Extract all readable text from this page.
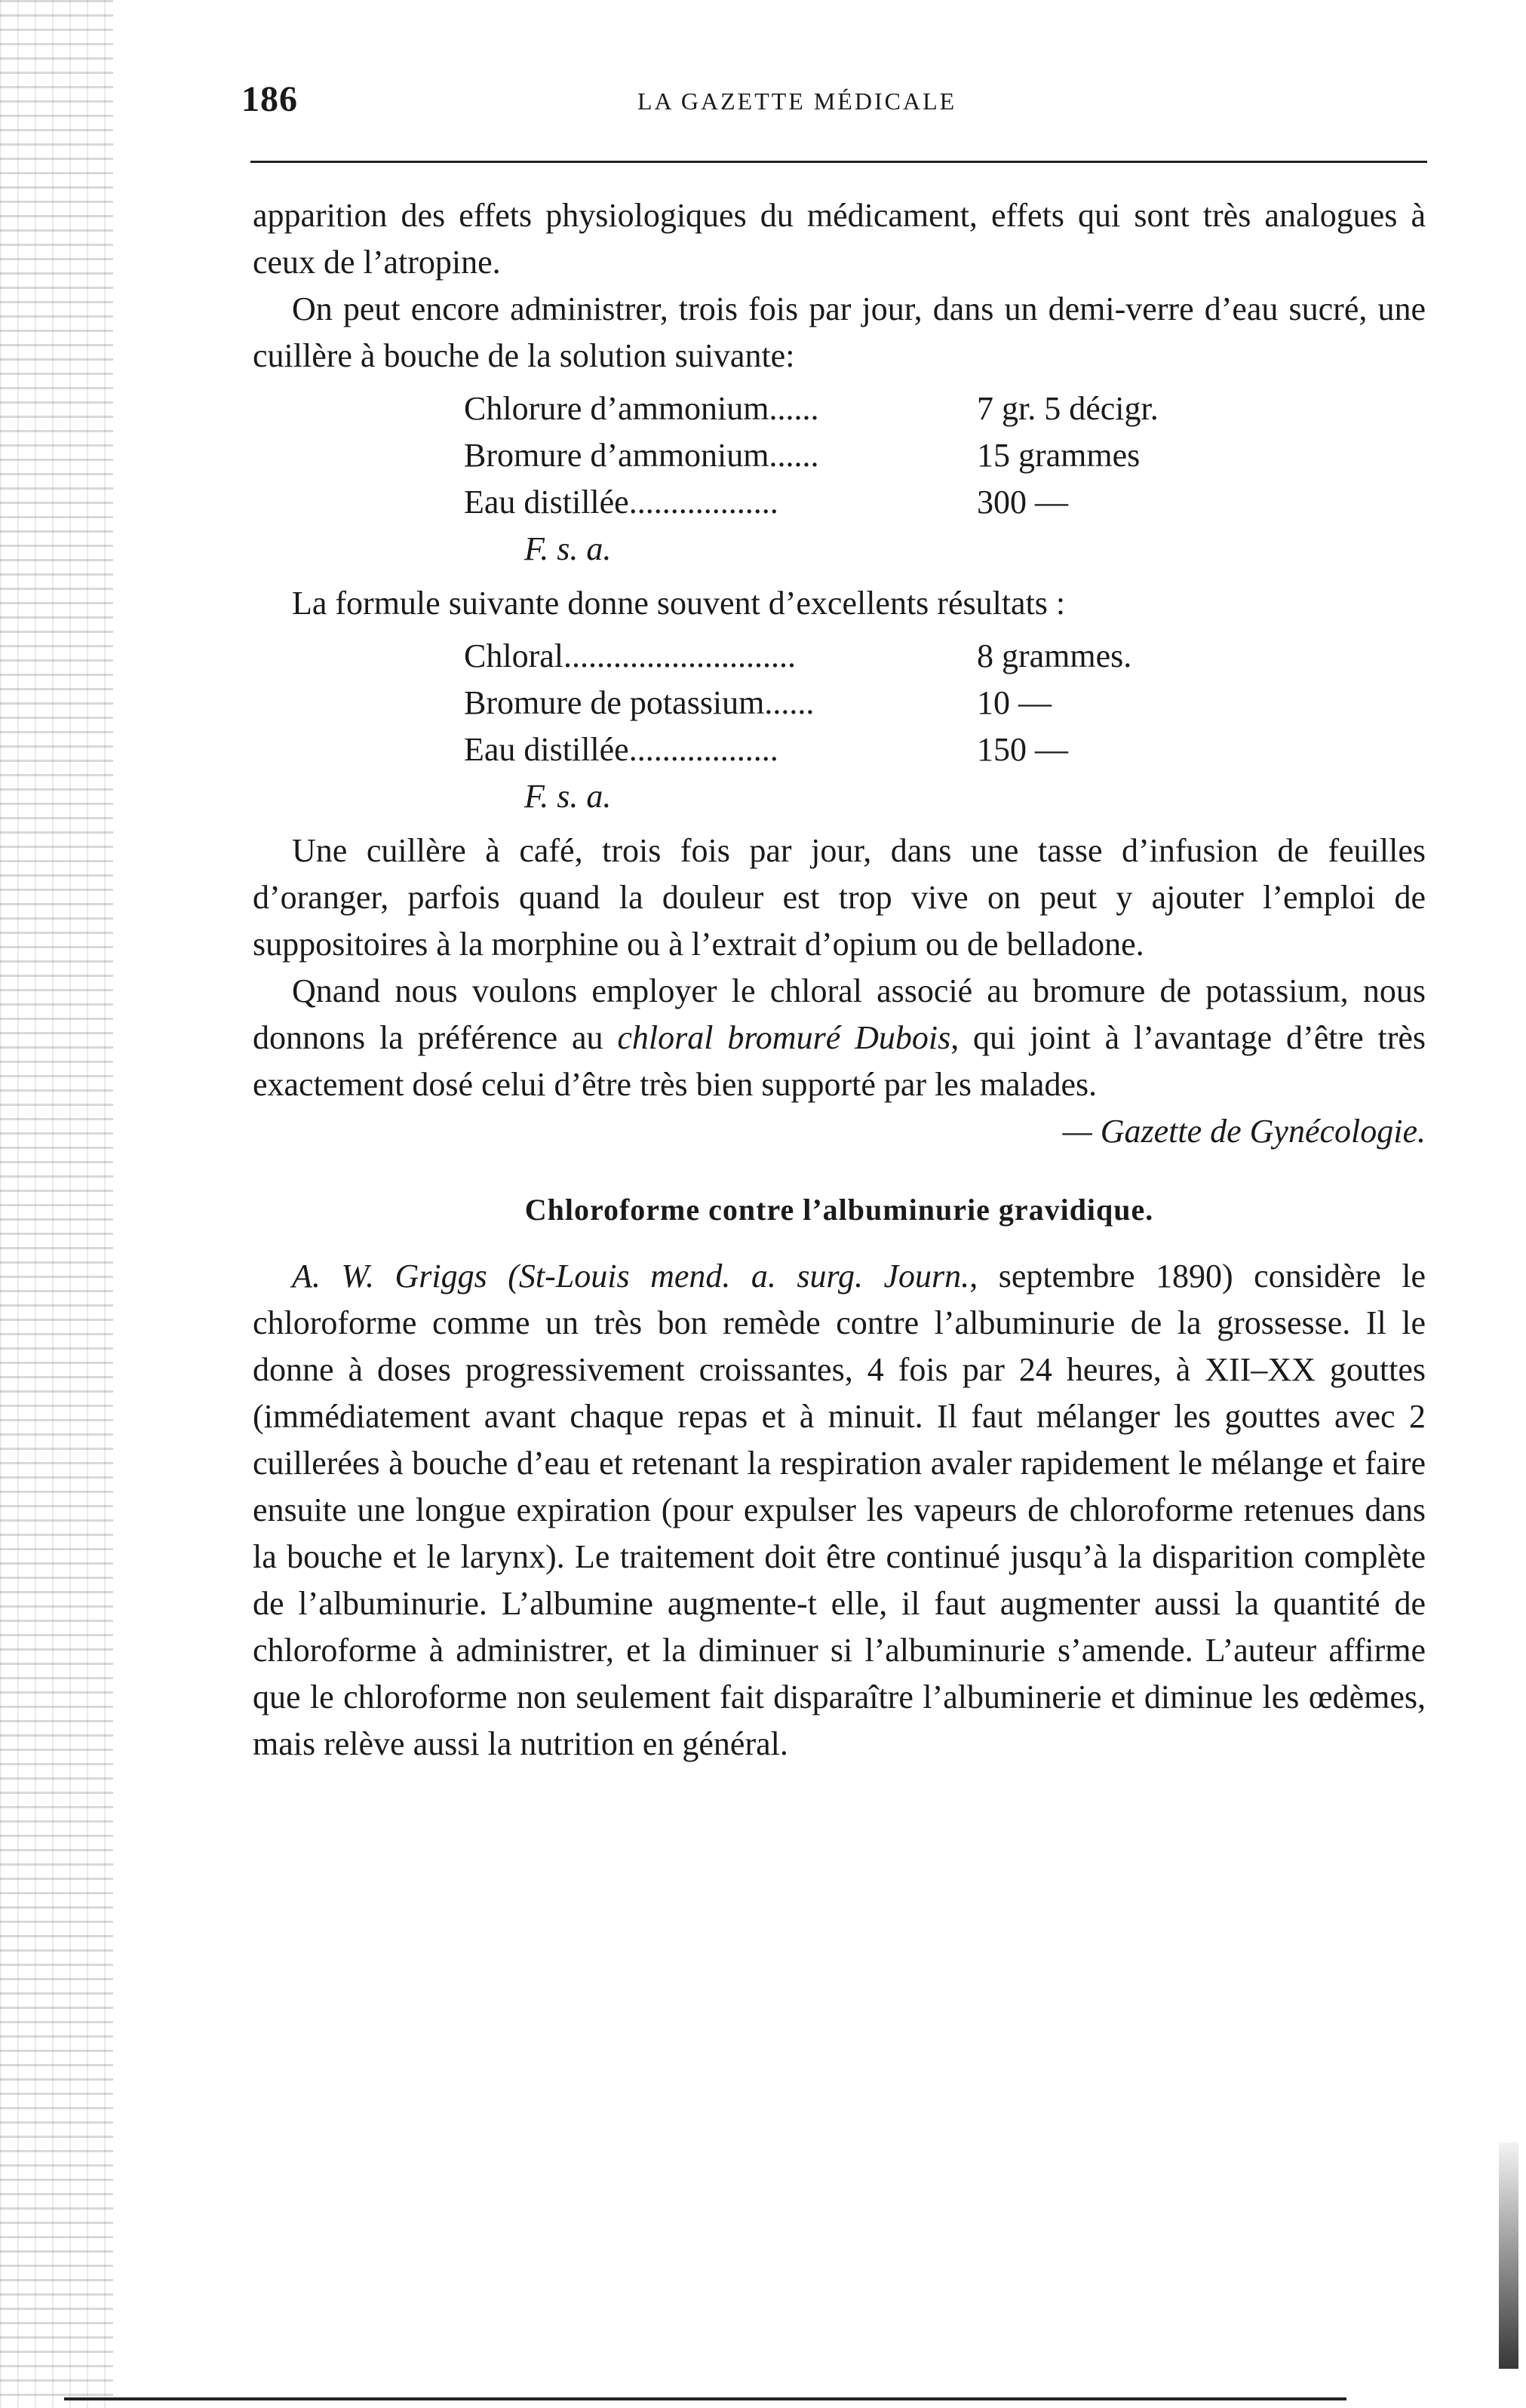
186	LA GAZETTE MÉDICALE

apparition des effets physiologiques du médicament, effets qui sont très analogues à ceux de l’atropine.

On peut encore administrer, trois fois par jour, dans un demi-verre d’eau sucré, une cuillère à bouche de la solution suivante:

Chlorure d’ammonium......	7 gr. 5 décigr.
Bromure d’ammonium......	15 grammes
Eau distillée..................	300 —
F. s. a.

La formule suivante donne souvent d’excellents résultats :

Chloral............................	8 grammes.
Bromure de potassium......	10 —
Eau distillée..................	150 —
F. s. a.

Une cuillère à café, trois fois par jour, dans une tasse d’infusion de feuilles d’oranger, parfois quand la douleur est trop vive on peut y ajouter l’emploi de suppositoires à la morphine ou à l’extrait d’opium ou de belladone.

Qnand nous voulons employer le chloral associé au bromure de potassium, nous donnons la préférence au chloral bromuré Dubois, qui joint à l’avantage d’être très exactement dosé celui d’être très bien supporté par les malades.

— Gazette de Gynécologie.

Chloroforme contre l’albuminurie gravidique.

A. W. Griggs (St-Louis mend. a. surg. Journ., septembre 1890) considère le chloroforme comme un très bon remède contre l’albuminurie de la grossesse. Il le donne à doses progressivement croissantes, 4 fois par 24 heures, à XII–XX gouttes (immédiatement avant chaque repas et à minuit. Il faut mélanger les gouttes avec 2 cuillerées à bouche d’eau et retenant la respiration avaler rapidement le mélange et faire ensuite une longue expiration (pour expulser les vapeurs de chloroforme retenues dans la bouche et le larynx). Le traitement doit être continué jusqu’à la disparition complète de l’albuminurie. L’albumine augmente-t elle, il faut augmenter aussi la quantité de chloroforme à administrer, et la diminuer si l’albuminurie s’amende. L’auteur affirme que le chloroforme non seulement fait disparaître l’albuminerie et diminue les œdèmes, mais relève aussi la nutrition en général.
